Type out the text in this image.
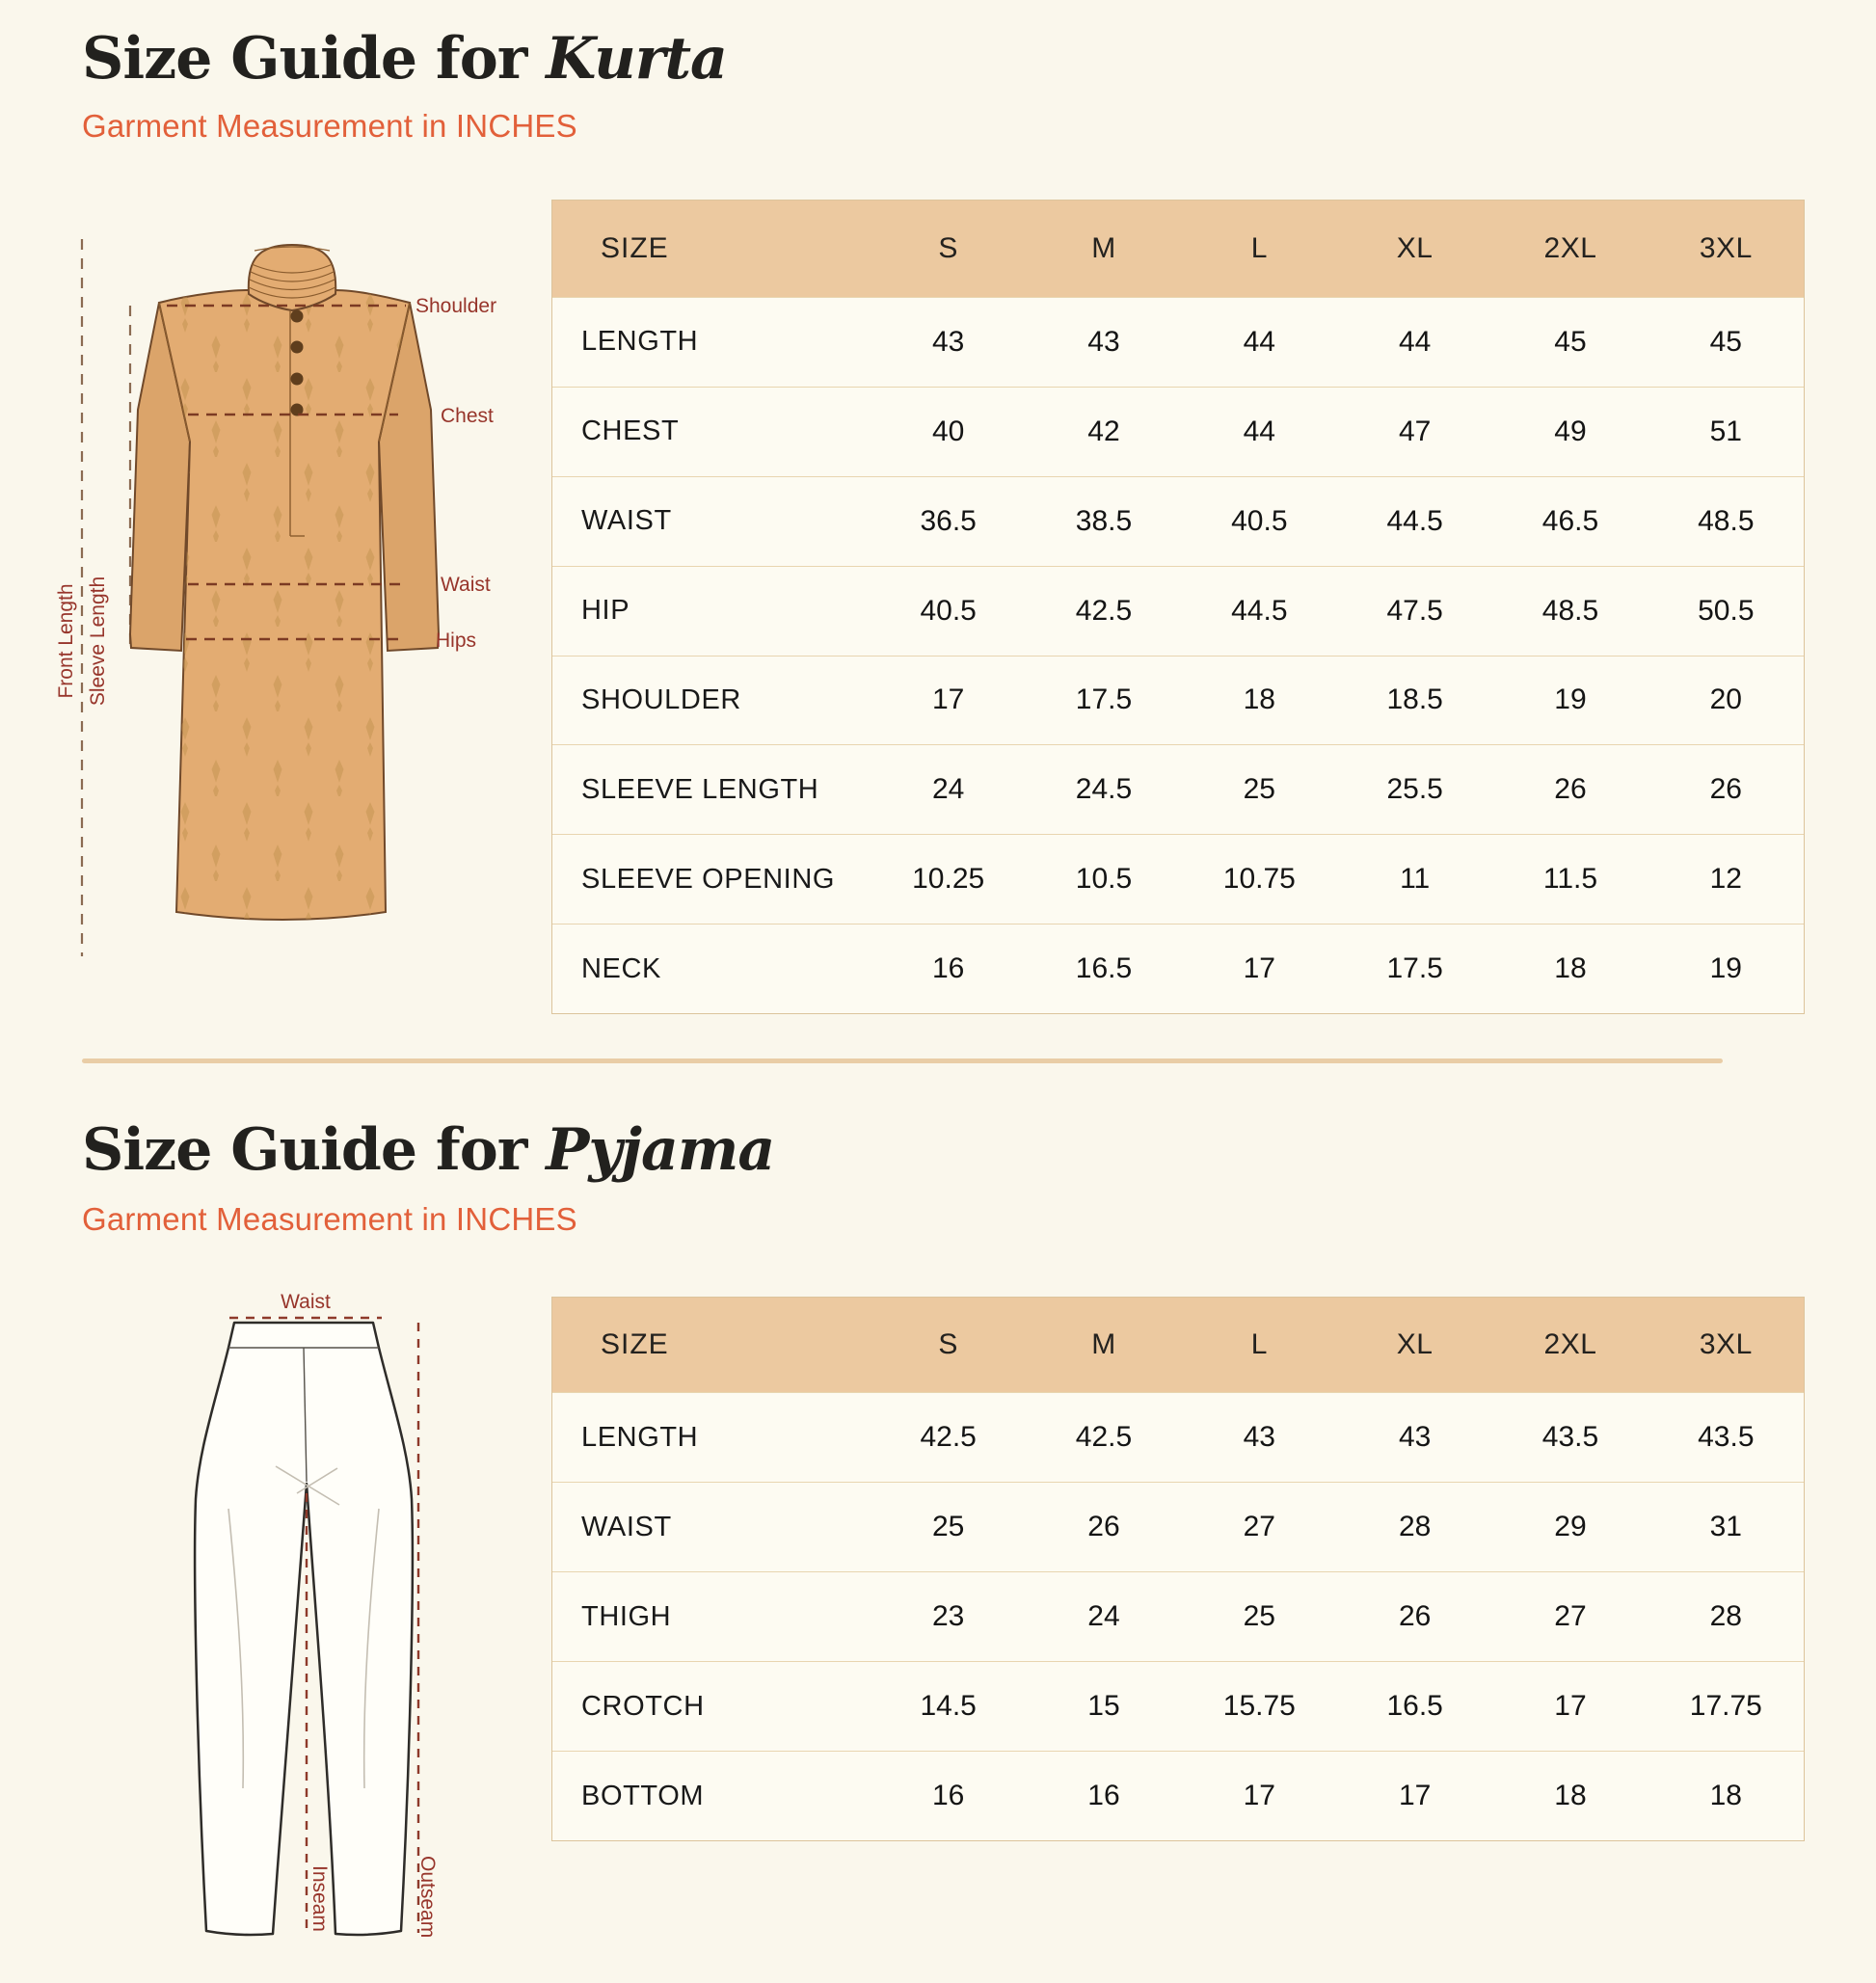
Size Guide for Kurta

Garment Measurement in INCHES

Front Length Sleeve Length
Shoulder
Chest
Waist
Hips
SIZE	S	M	L	XL	2XL	3XL
LENGTH	43	43	44	44	45	45
CHEST	40	42	44	47	49	51
WAIST	36.5	38.5	40.5	44.5	46.5	48.5
HIP	40.5	42.5	44.5	47.5	48.5	50.5
SHOULDER	17	17.5	18	18.5	19	20
SLEEVE LENGTH	24	24.5	25	25.5	26	26
SLEEVE OPENING	10.25	10.5	10.75	11	11.5	12
NECK	16	16.5	17	17.5	18	19
Size Guide for Pyjama

Garment Measurement in INCHES

Waist
Inseam	Outseam
SIZE	S	M	L	XL	2XL	3XL
LENGTH	42.5	42.5	43	43	43.5	43.5
WAIST	25	26	27	28	29	31
THIGH	23	24	25	26	27	28
CROTCH	14.5	15	15.75	16.5	17	17.75
BOTTOM	16	16	17	17	18	18
